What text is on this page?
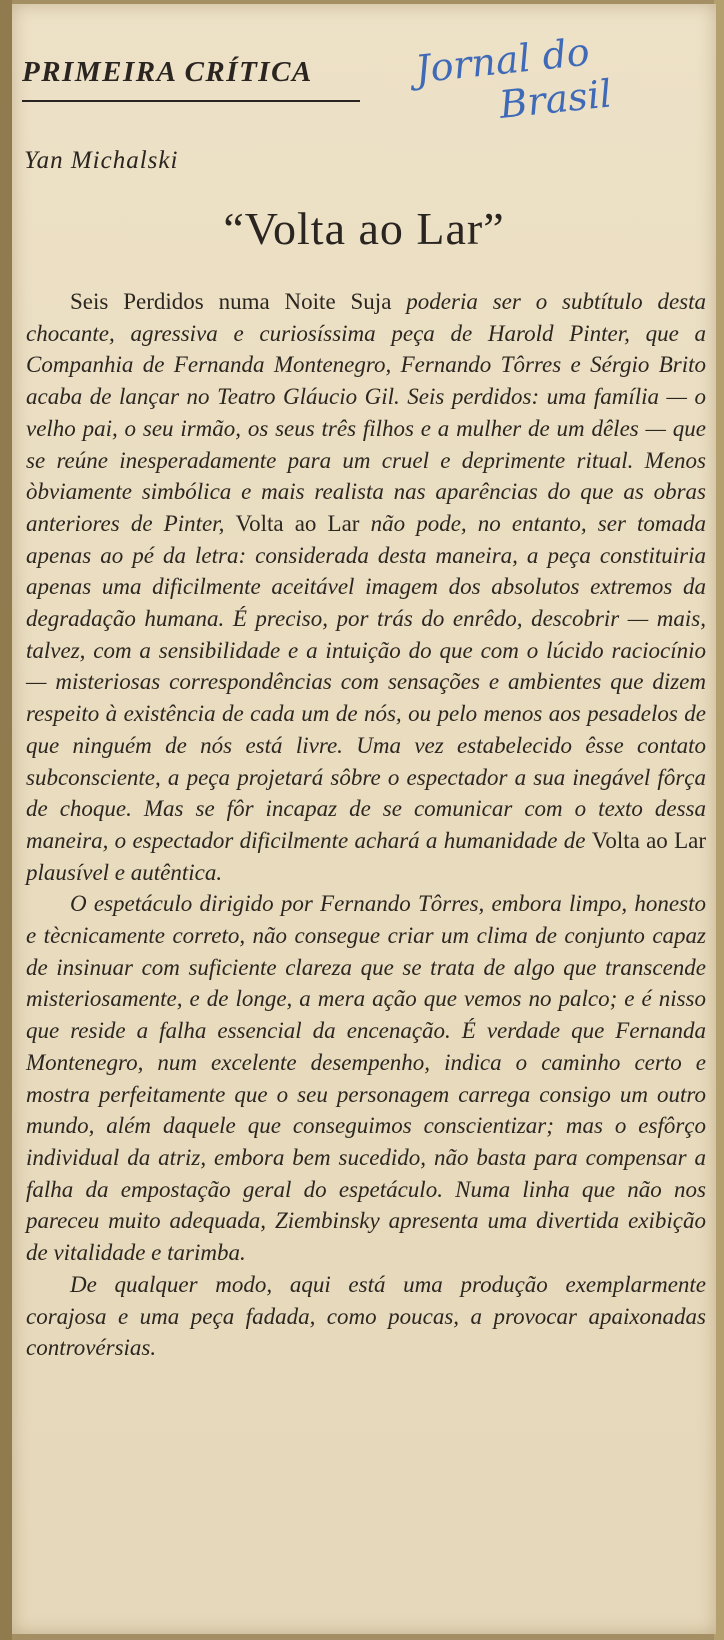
PRIMEIRA CRÍTICA	Jornal do
Brasil
Yan Michalski
“Volta ao Lar”

Seis Perdidos numa Noite Suja poderia ser o subtítulo desta chocante, agressiva e curiosíssima peça de Harold Pinter, que a Companhia de Fernanda Montenegro, Fernando Tôrres e Sérgio Brito acaba de lançar no Teatro Gláucio Gil. Seis perdidos: uma família — o velho pai, o seu irmão, os seus três filhos e a mulher de um dêles — que se reúne inesperadamente para um cruel e deprimente ritual. Menos òbviamente simbólica e mais realista nas aparências do que as obras anteriores de Pinter, Volta ao Lar não pode, no entanto, ser tomada apenas ao pé da letra: considerada desta maneira, a peça constituiria apenas uma dificilmente aceitável imagem dos absolutos extremos da degradação humana. É preciso, por trás do enrêdo, descobrir — mais, talvez, com a sensibilidade e a intuição do que com o lúcido raciocínio — misteriosas correspondências com sensações e ambientes que dizem respeito à existência de cada um de nós, ou pelo menos aos pesadelos de que ninguém de nós está livre. Uma vez estabelecido êsse contato subconsciente, a peça projetará sôbre o espectador a sua inegável fôrça de choque. Mas se fôr incapaz de se comunicar com o texto dessa maneira, o espectador dificilmente achará a humanidade de Volta ao Lar plausível e autêntica.

O espetáculo dirigido por Fernando Tôrres, embora limpo, honesto e tècnicamente correto, não consegue criar um clima de conjunto capaz de insinuar com suficiente clareza que se trata de algo que transcende misteriosamente, e de longe, a mera ação que vemos no palco; e é nisso que reside a falha essencial da encenação. É verdade que Fernanda Montenegro, num excelente desempenho, indica o caminho certo e mostra perfeitamente que o seu personagem carrega consigo um outro mundo, além daquele que conseguimos conscientizar; mas o esfôrço individual da atriz, embora bem sucedido, não basta para compensar a falha da empostação geral do espetáculo. Numa linha que não nos pareceu muito adequada, Ziembinsky apresenta uma divertida exibição de vitalidade e tarimba.

De qualquer modo, aqui está uma produção exemplarmente corajosa e uma peça fadada, como poucas, a provocar apaixonadas controvérsias.
